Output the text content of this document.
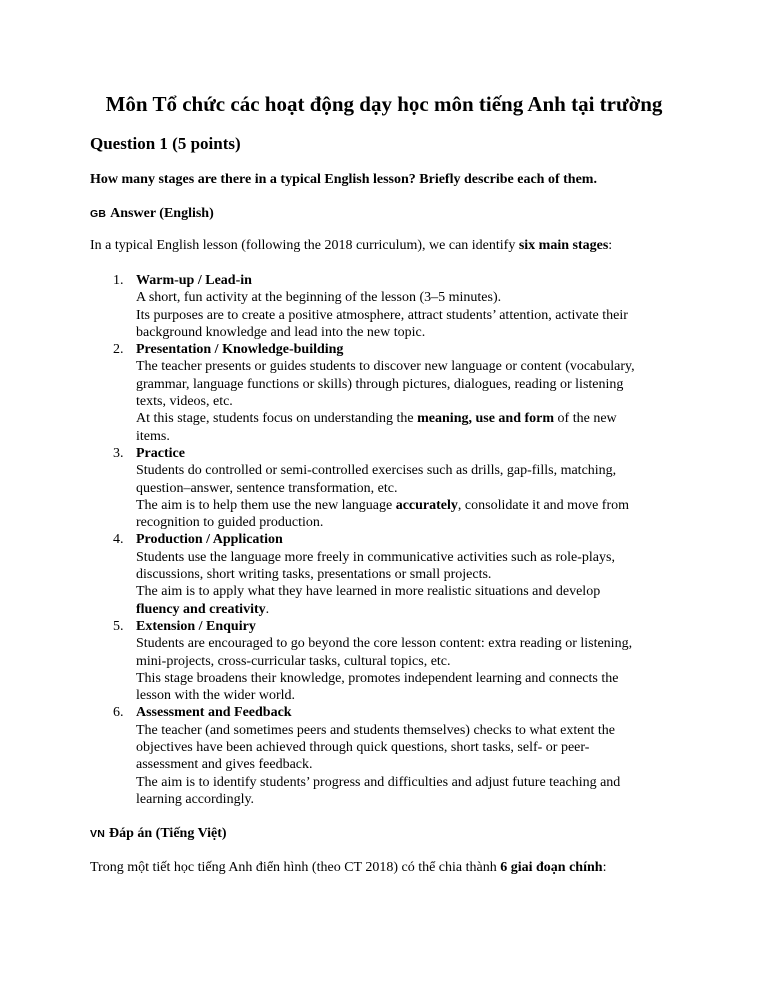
Môn Tổ chức các hoạt động dạy học môn tiếng Anh tại trường
Question 1 (5 points)
How many stages are there in a typical English lesson? Briefly describe each of them.
GB Answer (English)
In a typical English lesson (following the 2018 curriculum), we can identify six main stages:
1. Warm-up / Lead-in
A short, fun activity at the beginning of the lesson (3–5 minutes).
Its purposes are to create a positive atmosphere, attract students’ attention, activate their
background knowledge and lead into the new topic.
2. Presentation / Knowledge-building
The teacher presents or guides students to discover new language or content (vocabulary,
grammar, language functions or skills) through pictures, dialogues, reading or listening
texts, videos, etc.
At this stage, students focus on understanding the meaning, use and form of the new
items.
3. Practice
Students do controlled or semi-controlled exercises such as drills, gap-fills, matching,
question–answer, sentence transformation, etc.
The aim is to help them use the new language accurately, consolidate it and move from
recognition to guided production.
4. Production / Application
Students use the language more freely in communicative activities such as role-plays,
discussions, short writing tasks, presentations or small projects.
The aim is to apply what they have learned in more realistic situations and develop
fluency and creativity.
5. Extension / Enquiry
Students are encouraged to go beyond the core lesson content: extra reading or listening,
mini-projects, cross-curricular tasks, cultural topics, etc.
This stage broadens their knowledge, promotes independent learning and connects the
lesson with the wider world.
6. Assessment and Feedback
The teacher (and sometimes peers and students themselves) checks to what extent the
objectives have been achieved through quick questions, short tasks, self- or peer-
assessment and gives feedback.
The aim is to identify students’ progress and difficulties and adjust future teaching and
learning accordingly.
VN Đáp án (Tiếng Việt)
Trong một tiết học tiếng Anh điển hình (theo CT 2018) có thể chia thành 6 giai đoạn chính:
